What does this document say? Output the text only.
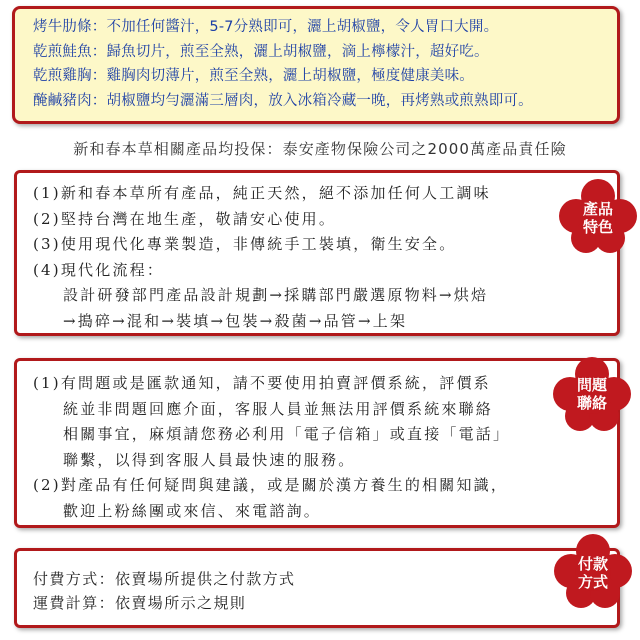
烤牛肋條：不加任何醬汁，5-7分熟即可，灑上胡椒鹽，令人胃口大開。
乾煎鮭魚：歸魚切片，煎至全熟，灑上胡椒鹽，滴上檸檬汁，超好吃。
乾煎雞胸：雞胸肉切薄片，煎至全熟，灑上胡椒鹽，極度健康美味。
醃鹹豬肉：胡椒鹽均勻灑滿三層肉，放入冰箱冷藏一晚，再烤熟或煎熟即可。
新和春本草相關產品均投保：泰安產物保險公司之2000萬產品責任險
(1)新和春本草所有產品，純正天然，絕不添加任何人工調味
(2)堅持台灣在地生產，敬請安心使用。
(3)使用現代化專業製造，非傳統手工裝填，衛生安全。
(4)現代化流程：
設計研發部門產品設計規劃→採購部門嚴選原物料→烘焙
→搗碎→混和→裝填→包裝→殺菌→品管→上架
(1)有問題或是匯款通知，請不要使用拍賣評價系統，評價系
統並非問題回應介面，客服人員並無法用評價系統來聯絡
相關事宜，麻煩請您務必利用「電子信箱」或直接「電話」
聯繫，以得到客服人員最快速的服務。
(2)對產品有任何疑問與建議，或是關於漢方養生的相關知識，
歡迎上粉絲團或來信、來電諮詢。
付費方式：依賣場所提供之付款方式
運費計算：依賣場所示之規則
產品
特色
問題
聯絡
付款
方式
